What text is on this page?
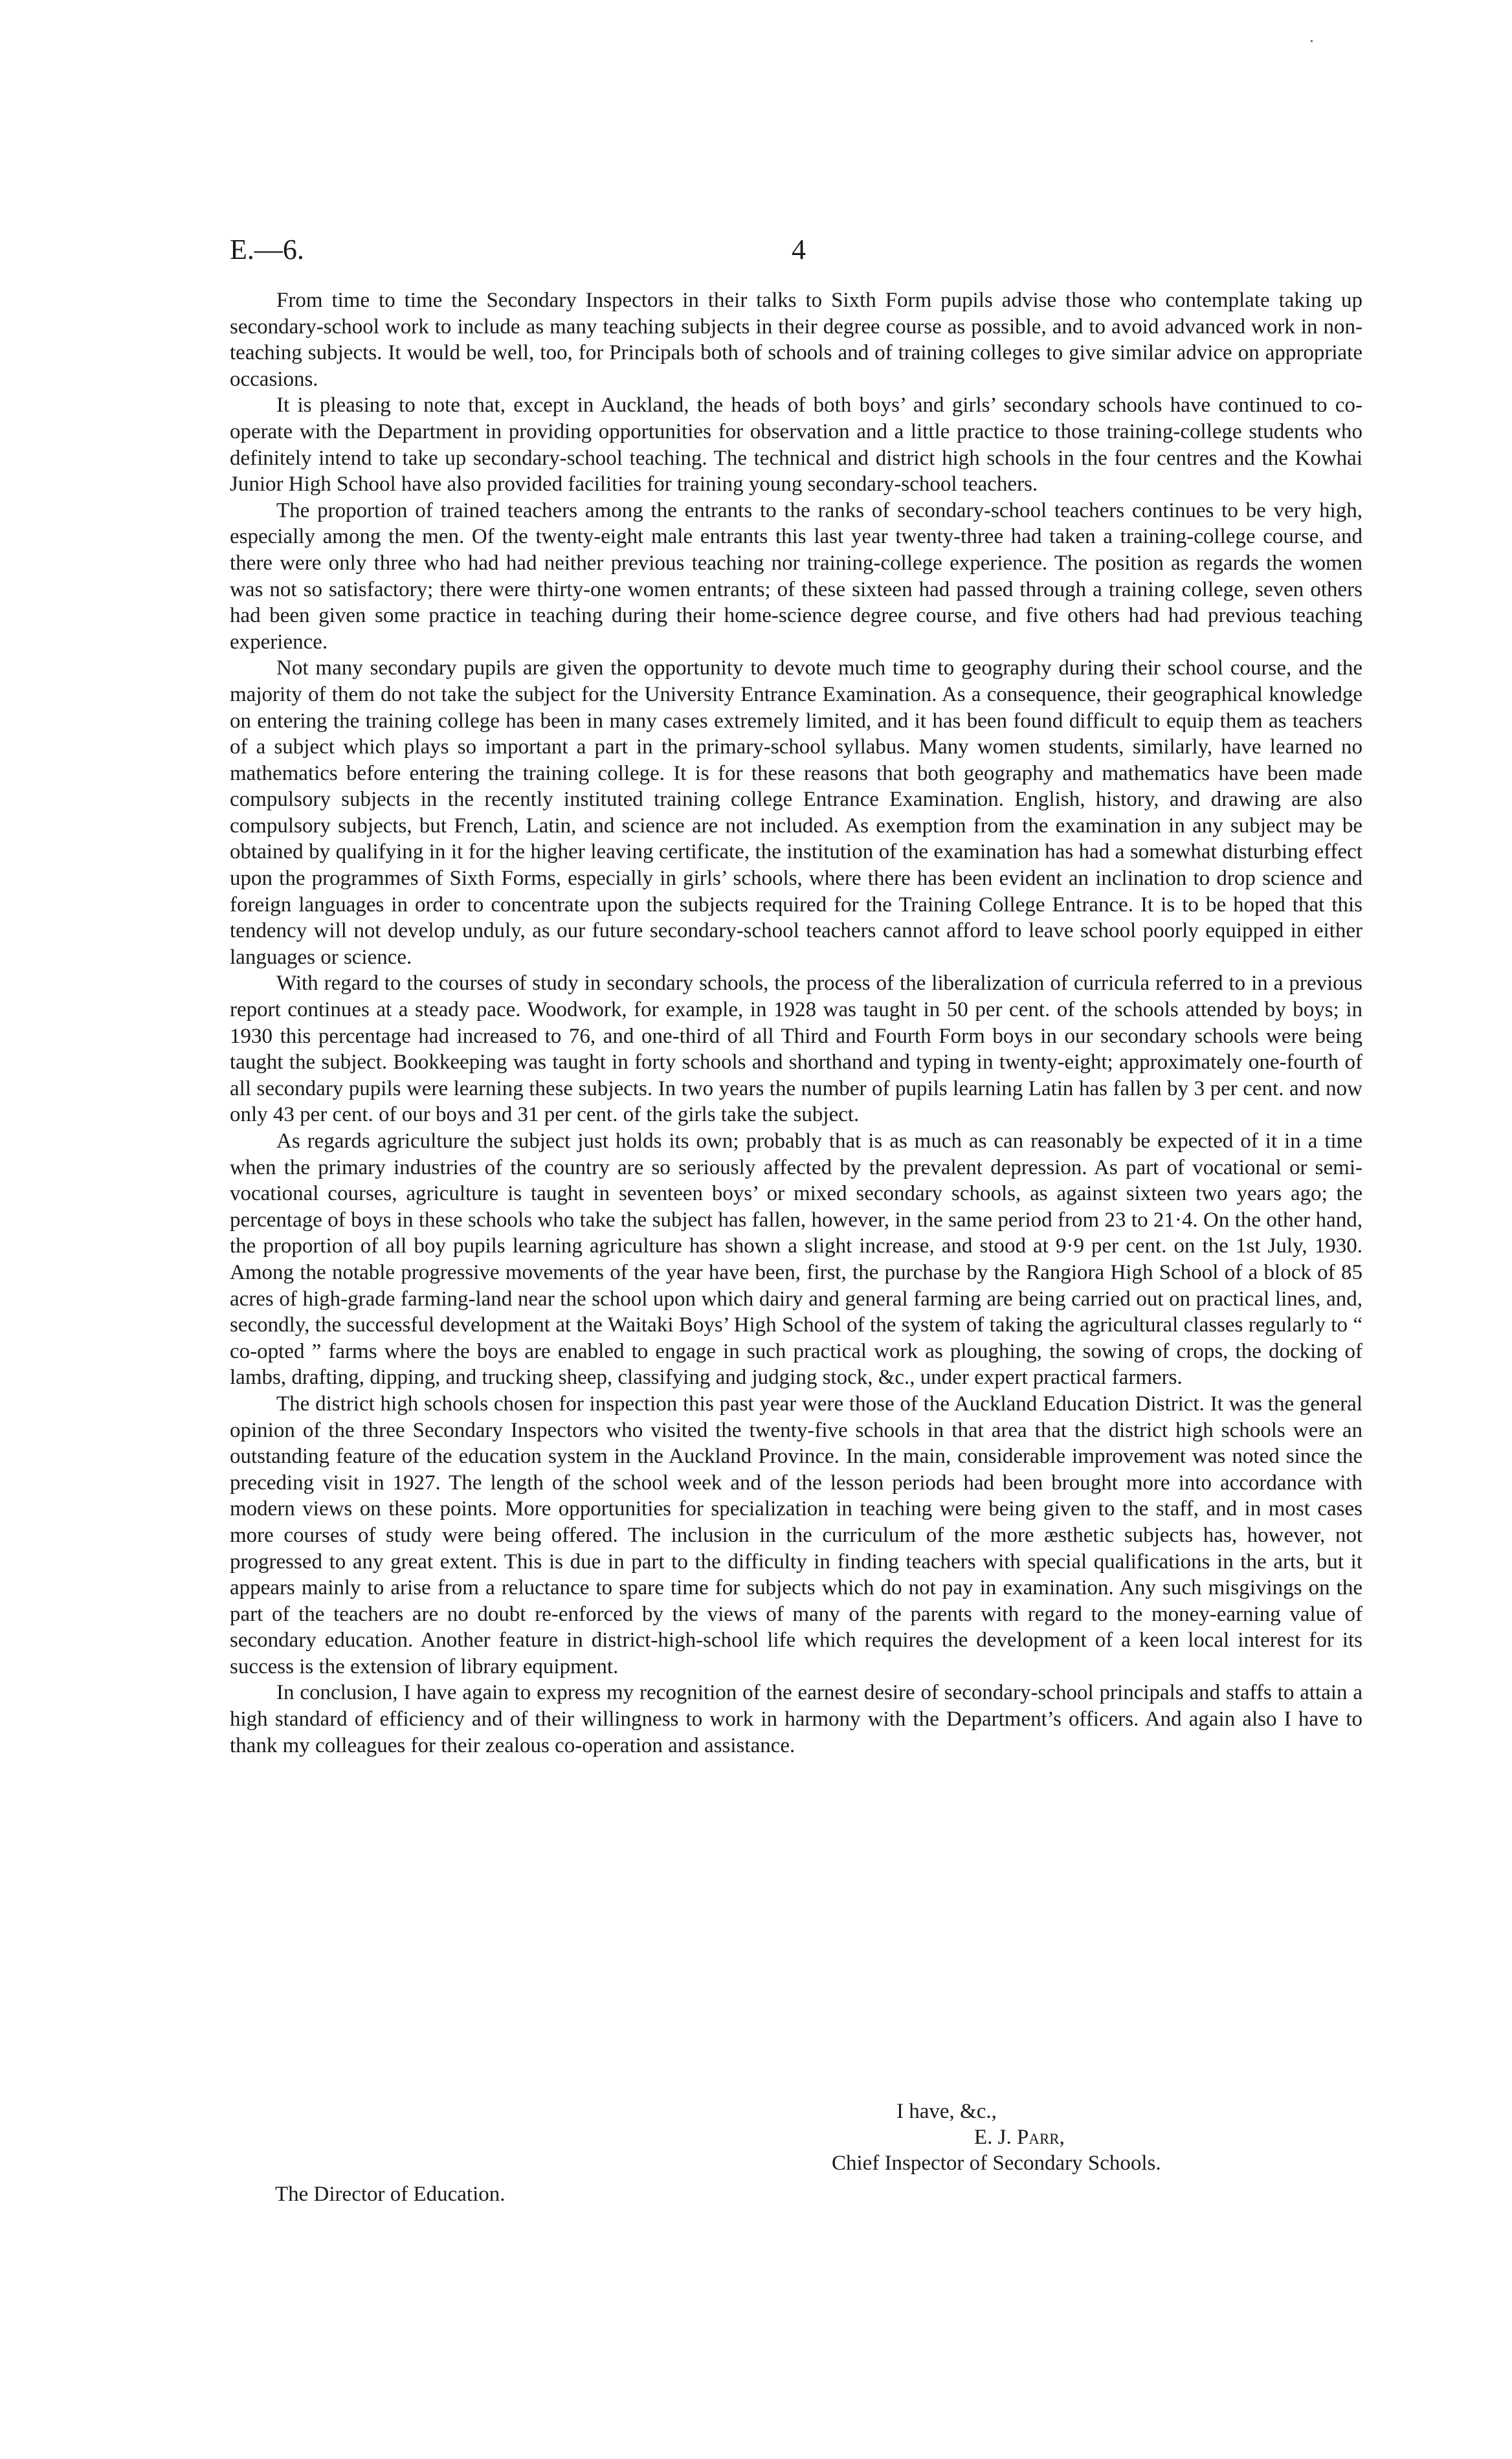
E.—6.	4

From time to time the Secondary Inspectors in their talks to Sixth Form pupils advise those who contemplate taking up secondary-school work to include as many teaching subjects in their degree course as possible, and to avoid advanced work in non-teaching subjects. It would be well, too, for Principals both of schools and of training colleges to give similar advice on appropriate occasions.

It is pleasing to note that, except in Auckland, the heads of both boys’ and girls’ secondary schools have continued to co-operate with the Department in providing opportunities for observation and a little practice to those training-college students who definitely intend to take up secondary-school teaching. The technical and district high schools in the four centres and the Kowhai Junior High School have also provided facilities for training young secondary-school teachers.

The proportion of trained teachers among the entrants to the ranks of secondary-school teachers continues to be very high, especially among the men. Of the twenty-eight male entrants this last year twenty-three had taken a training-college course, and there were only three who had had neither previous teaching nor training-college experience. The position as regards the women was not so satisfactory; there were thirty-one women entrants; of these sixteen had passed through a training college, seven others had been given some practice in teaching during their home-science degree course, and five others had had previous teaching experience.

Not many secondary pupils are given the opportunity to devote much time to geography during their school course, and the majority of them do not take the subject for the University Entrance Examination. As a consequence, their geographical knowledge on entering the training college has been in many cases extremely limited, and it has been found difficult to equip them as teachers of a subject which plays so important a part in the primary-school syllabus. Many women students, similarly, have learned no mathematics before entering the training college. It is for these reasons that both geography and mathematics have been made compulsory subjects in the recently instituted training college Entrance Examination. English, history, and drawing are also compulsory subjects, but French, Latin, and science are not included. As exemption from the examination in any subject may be obtained by qualifying in it for the higher leaving certificate, the institution of the examination has had a somewhat disturbing effect upon the programmes of Sixth Forms, especially in girls’ schools, where there has been evident an inclination to drop science and foreign languages in order to concentrate upon the subjects required for the Training College Entrance. It is to be hoped that this tendency will not develop unduly, as our future secondary-school teachers cannot afford to leave school poorly equipped in either languages or science.

With regard to the courses of study in secondary schools, the process of the liberalization of curricula referred to in a previous report continues at a steady pace. Woodwork, for example, in 1928 was taught in 50 per cent. of the schools attended by boys; in 1930 this percentage had increased to 76, and one-third of all Third and Fourth Form boys in our secondary schools were being taught the subject. Bookkeeping was taught in forty schools and shorthand and typing in twenty-eight; approximately one-fourth of all secondary pupils were learning these subjects. In two years the number of pupils learning Latin has fallen by 3 per cent. and now only 43 per cent. of our boys and 31 per cent. of the girls take the subject.

As regards agriculture the subject just holds its own; probably that is as much as can reasonably be expected of it in a time when the primary industries of the country are so seriously affected by the prevalent depression. As part of vocational or semi-vocational courses, agriculture is taught in seventeen boys’ or mixed secondary schools, as against sixteen two years ago; the percentage of boys in these schools who take the subject has fallen, however, in the same period from 23 to 21·4. On the other hand, the proportion of all boy pupils learning agriculture has shown a slight increase, and stood at 9·9 per cent. on the 1st July, 1930. Among the notable progressive movements of the year have been, first, the purchase by the Rangiora High School of a block of 85 acres of high-grade farming-land near the school upon which dairy and general farming are being carried out on practical lines, and, secondly, the successful development at the Waitaki Boys’ High School of the system of taking the agricultural classes regularly to “ co-opted ” farms where the boys are enabled to engage in such practical work as ploughing, the sowing of crops, the docking of lambs, drafting, dipping, and trucking sheep, classifying and judging stock, &c., under expert practical farmers.

The district high schools chosen for inspection this past year were those of the Auckland Education District. It was the general opinion of the three Secondary Inspectors who visited the twenty-five schools in that area that the district high schools were an outstanding feature of the education system in the Auckland Province. In the main, considerable improvement was noted since the preceding visit in 1927. The length of the school week and of the lesson periods had been brought more into accordance with modern views on these points. More opportunities for specialization in teaching were being given to the staff, and in most cases more courses of study were being offered. The inclusion in the curriculum of the more æsthetic subjects has, however, not progressed to any great extent. This is due in part to the difficulty in finding teachers with special qualifications in the arts, but it appears mainly to arise from a reluctance to spare time for subjects which do not pay in examination. Any such misgivings on the part of the teachers are no doubt re-enforced by the views of many of the parents with regard to the money-earning value of secondary education. Another feature in district-high-school life which requires the development of a keen local interest for its success is the extension of library equipment.

In conclusion, I have again to express my recognition of the earnest desire of secondary-school principals and staffs to attain a high standard of efficiency and of their willingness to work in harmony with the Department’s officers. And again also I have to thank my colleagues for their zealous co-operation and assistance.

I have, &c.,
E. J. Parr,
Chief Inspector of Secondary Schools.
The Director of Education.
